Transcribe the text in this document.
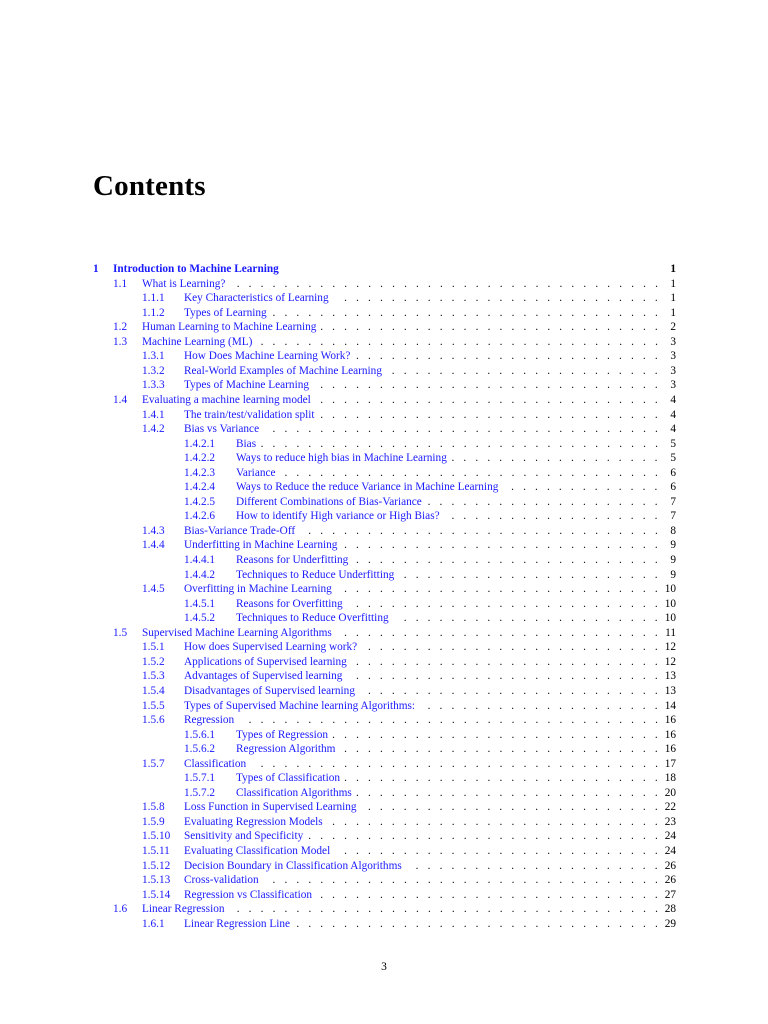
Contents
1 Introduction to Machine Learning	1
1.1 What is Learning?	1
....................................
1.1.1 Key Characteristics of Learning	1
...........................
1.1.2 Types of Learning	1
.................................
1.2 Human Learning to Machine Learning	2
.............................
1.3 Machine Learning (ML)	3
..................................
1.3.1 How Does Machine Learning Work?	3
..........................
1.3.2 Real-World Examples of Machine Learning	3
.......................
1.3.3 Types of Machine Learning	3
.............................
1.4 Evaluating a machine learning model	4
.............................
1.4.1 The train/test/validation split	4
.............................
1.4.2 Bias vs Variance	4
.................................
1.4.2.1 Bias	5
..................................
1.4.2.2 Ways to reduce high bias in Machine Learning	5
..................
1.4.2.3 Variance	6
................................
1.4.2.4 Ways to Reduce the reduce Variance in Machine Learning	6
.............
1.4.2.5 Different Combinations of Bias-Variance	7
....................
1.4.2.6 How to identify High variance or High Bias?	7
..................
1.4.3 Bias-Variance Trade-Off	8
..............................
1.4.4 Underfitting in Machine Learning	9
...........................
1.4.4.1 Reasons for Underfitting	9
..........................
1.4.4.2 Techniques to Reduce Underfitting	9
......................
1.4.5 Overfitting in Machine Learning	10
...........................
1.4.5.1 Reasons for Overfitting	10
..........................
1.4.5.2 Techniques to Reduce Overfitting	10
......................
1.5 Supervised Machine Learning Algorithms	11
...........................
1.5.1 How does Supervised Learning work?	12
.........................
1.5.2 Applications of Supervised learning	12
..........................
1.5.3 Advantages of Supervised learning	13
..........................
1.5.4 Disadvantages of Supervised learning	13
.........................
1.5.5 Types of Supervised Machine learning Algorithms:	14
....................
1.5.6 Regression	16
...................................
1.5.6.1 Types of Regression	16
............................
1.5.6.2 Regression Algorithm	16
...........................
1.5.7 Classification	17
..................................
1.5.7.1 Types of Classification	18
...........................
1.5.7.2 Classification Algorithms	20
..........................
1.5.8 Loss Function in Supervised Learning	22
.........................
1.5.9 Evaluating Regression Models	23
............................
1.5.10 Sensitivity and Specificity	24
..............................
1.5.11 Evaluating Classification Model	24
...........................
1.5.12 Decision Boundary in Classification Algorithms	26
.....................
1.5.13 Cross-validation	26
.................................
1.5.14 Regression vs Classification	27
.............................
1.6 Linear Regression	28
....................................
1.6.1 Linear Regression Line	29
...............................
3
